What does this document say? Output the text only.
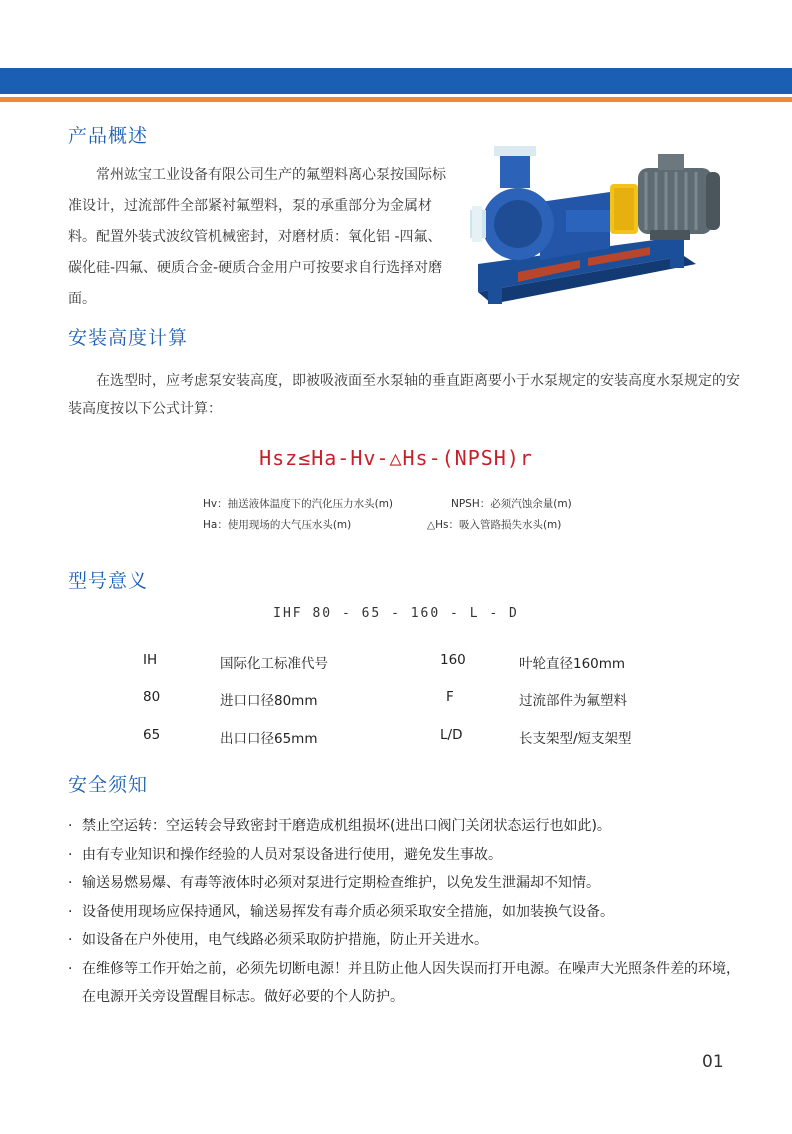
产品概述

常州竑宝工业设备有限公司生产的氟塑料离心泵按国际标准设计，过流部件全部紧衬氟塑料，泵的承重部分为金属材料。配置外装式波纹管机械密封，对磨材质：氧化铝 -四氟、碳化硅-四氟、硬质合金-硬质合金用户可按要求自行选择对磨面。

安装高度计算

在选型时，应考虑泵安装高度，即被吸液面至水泵轴的垂直距离要小于水泵规定的安装高度水泵规定的安装高度按以下公式计算：

Hsz≤Ha-Hv-△Hs-(NPSH)r
Hv：抽送液体温度下的汽化压力水头(m)	NPSH：必须汽蚀余量(m)
Ha：使用现场的大气压水头(m)	△Hs：吸入管路损失水头(m)
型号意义
IHF 80 - 65 - 160 - L - D
IH	国际化工标准代号	160	叶轮直径160mm
80	进口口径80mm	F	过流部件为氟塑料
65	出口口径65mm	L/D	长支架型/短支架型
安全须知
· 禁止空运转：空运转会导致密封干磨造成机组损坏(进出口阀门关闭状态运行也如此)。
· 由有专业知识和操作经验的人员对泵设备进行使用，避免发生事故。
· 输送易燃易爆、有毒等液体时必须对泵进行定期检查维护，以免发生泄漏却不知情。
· 设备使用现场应保持通风，输送易挥发有毒介质必须采取安全措施，如加装换气设备。
· 如设备在户外使用，电气线路必须采取防护措施，防止开关进水。
· 在维修等工作开始之前，必须先切断电源！并且防止他人因失误而打开电源。在噪声大光照条件差的环境，在电源开关旁设置醒目标志。做好必要的个人防护。
01
